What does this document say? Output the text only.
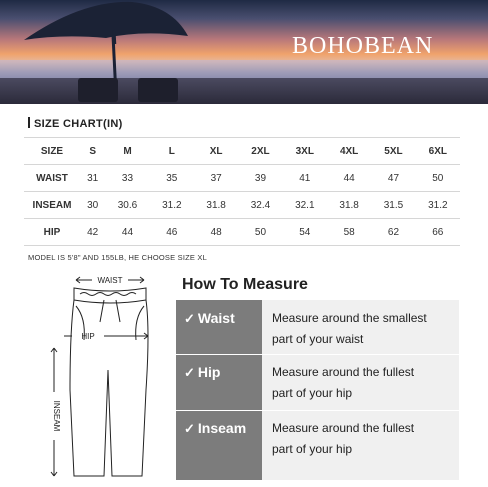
BOHOBEAN
SIZE CHART(IN)
SIZE	S	M	L	XL	2XL	3XL	4XL	5XL	6XL
WAIST	31	33	35	37	39	41	44	47	50
INSEAM	30	30.6	31.2	31.8	32.4	32.1	31.8	31.5	31.2
HIP	42	44	46	48	50	54	58	62	66
MODEL IS 5'8" AND 155LB, HE CHOOSE SIZE XL
WAIST
HIP
INSEAM
How To Measure
✓ Waist	Measure around the smallest
part of your waist
✓ Hip	Measure around the fullest
part of your hip
✓ Inseam	Measure around the fullest
part of your hip
